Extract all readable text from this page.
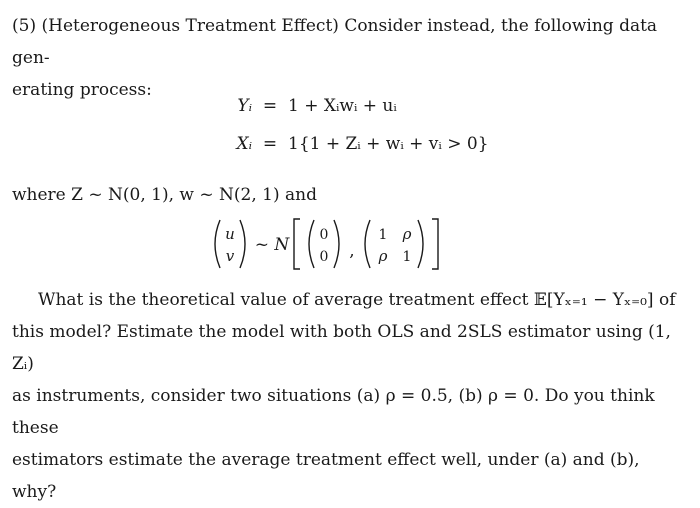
(5) (Heterogeneous Treatment Effect) Consider instead, the following data gen-
erating process:
Yᵢ = 1 + Xᵢwᵢ + uᵢ
Xᵢ = 1{1 + Zᵢ + wᵢ + vᵢ > 0}
where Z ~ N(0, 1), w ~ N(2, 1) and
u
v
~ N 0
0 ,
1 ρ
ρ 1
What is the theoretical value of average treatment effect 𝔼[Yₓ₌₁ − Yₓ₌₀] of
this model? Estimate the model with both OLS and 2SLS estimator using (1, Zᵢ)
as instruments, consider two situations (a) ρ = 0.5, (b) ρ = 0. Do you think these
estimators estimate the average treatment effect well, under (a) and (b), why?
